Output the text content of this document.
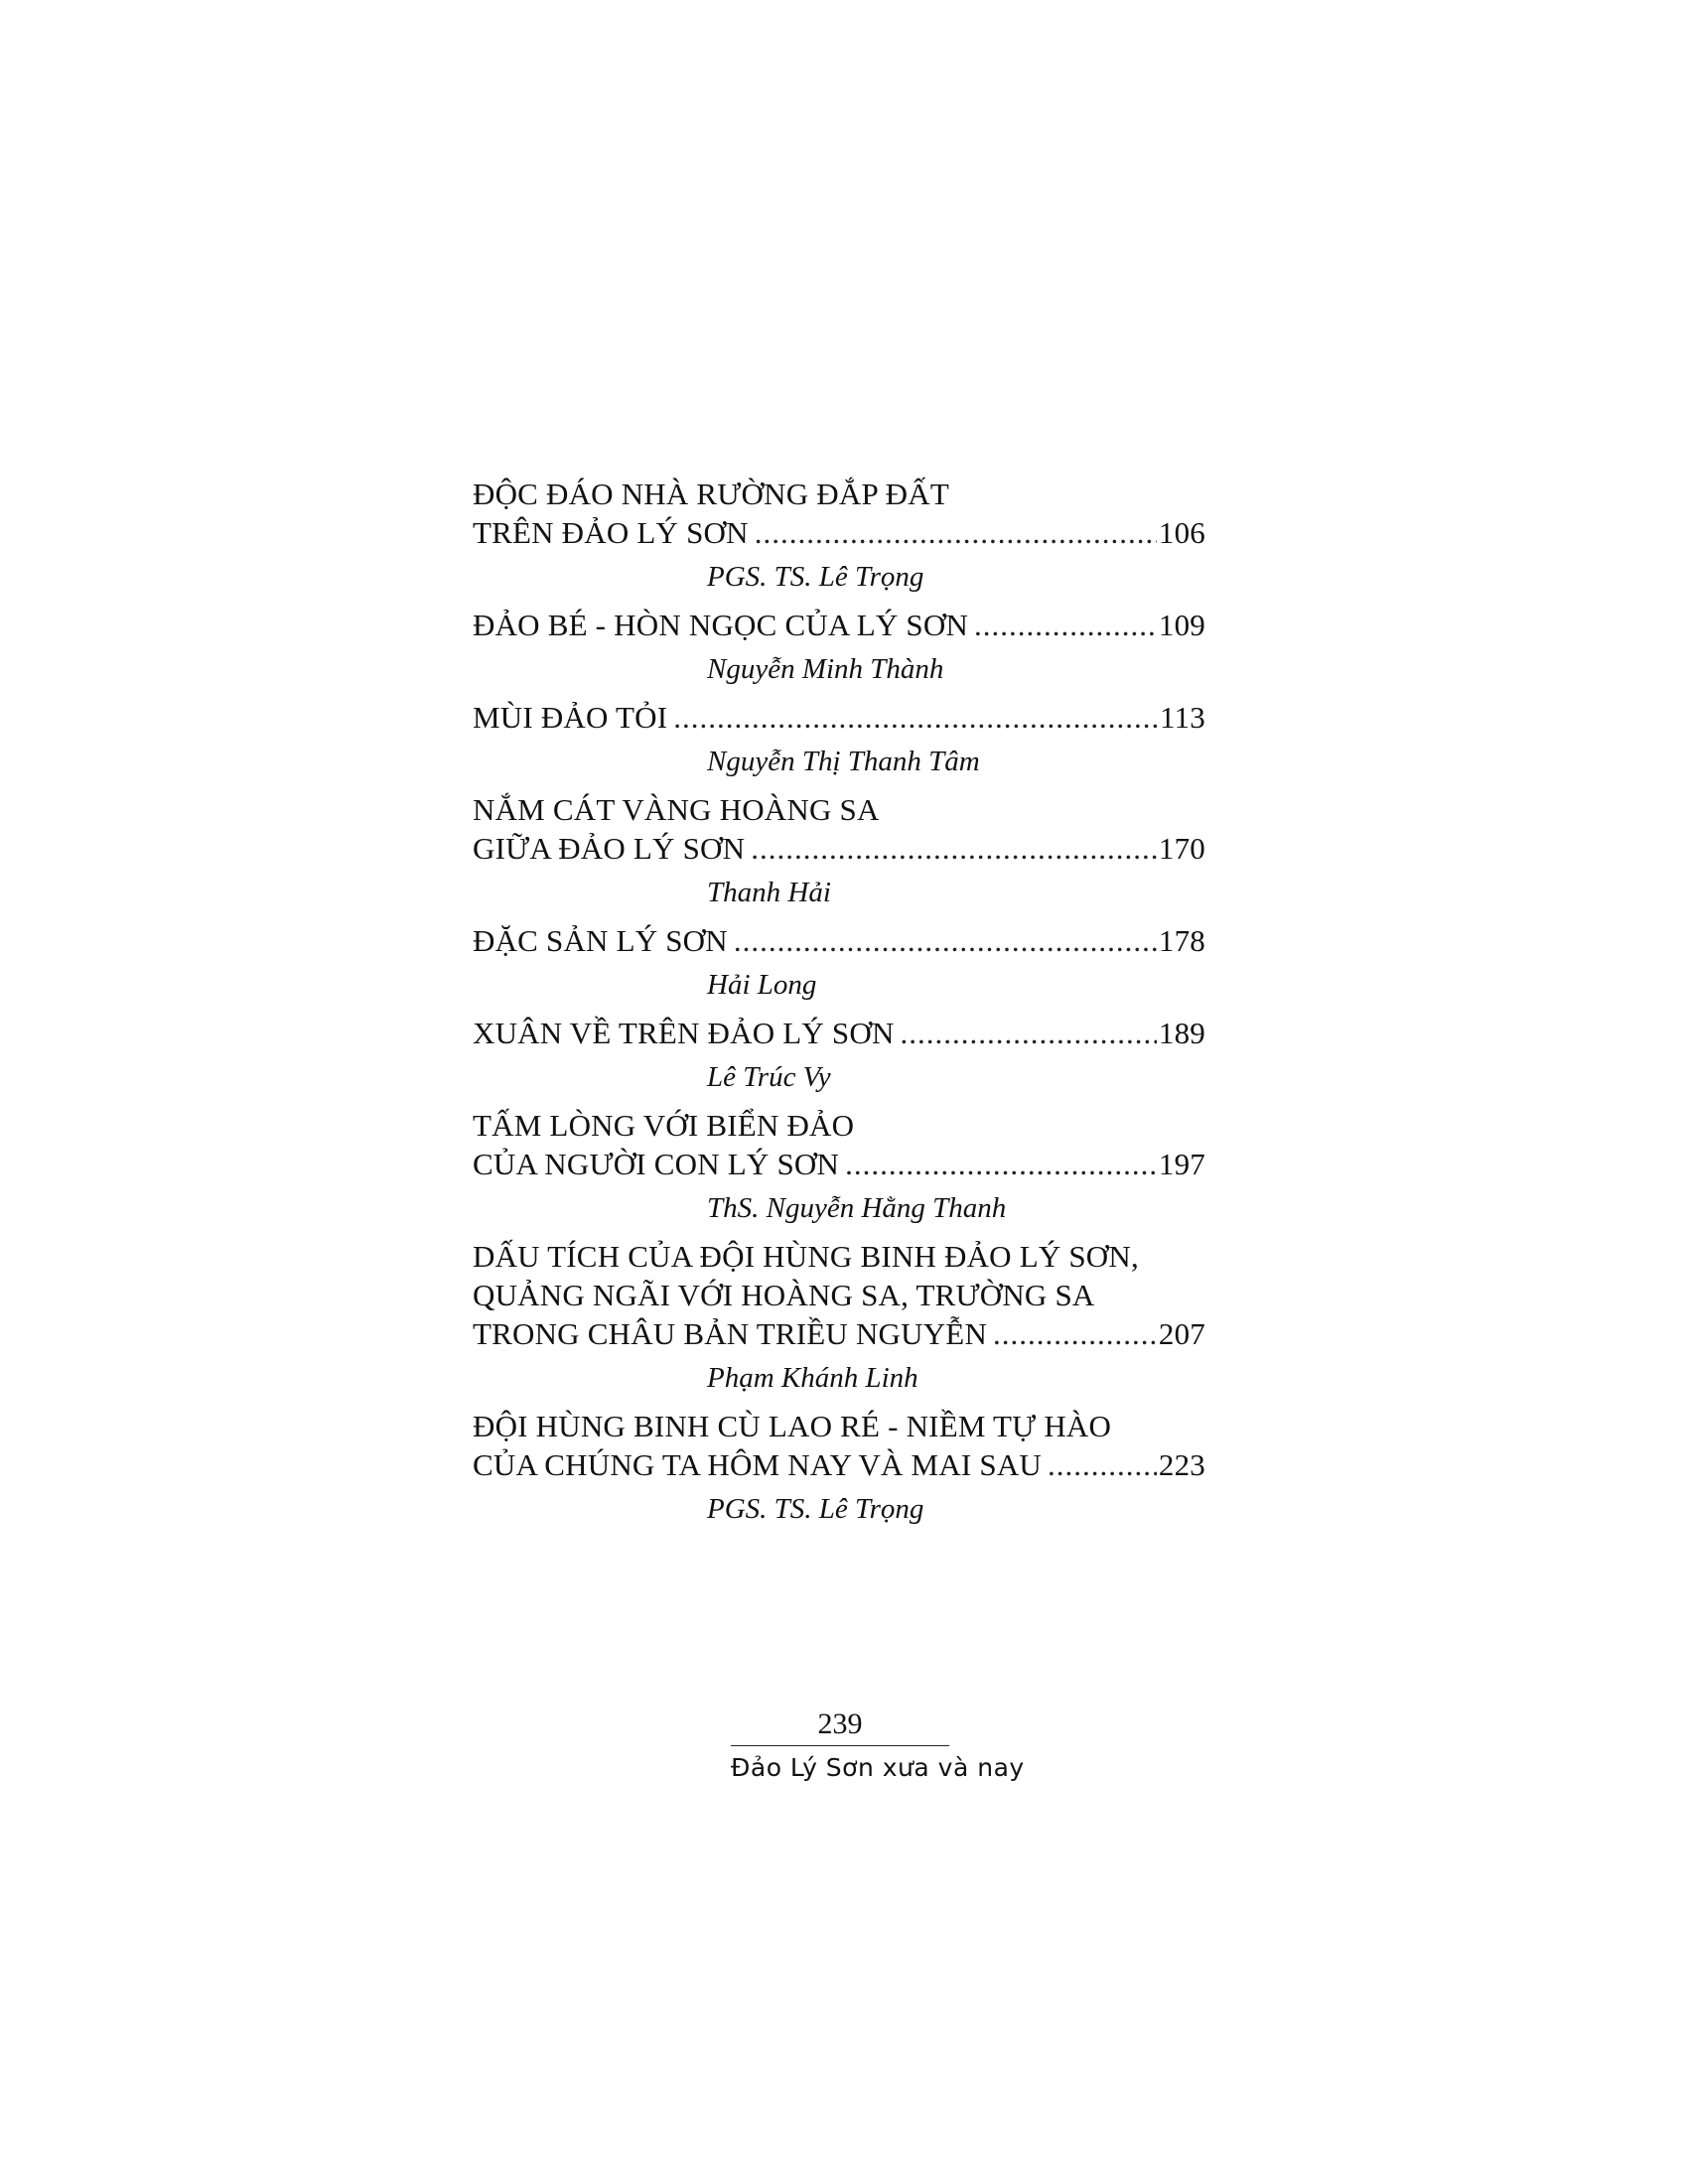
ĐỘC ĐÁO NHÀ RƯỜNG ĐẮP ĐẤT
TRÊN ĐẢO LÝ SƠN .....	106
PGS. TS. Lê Trọng
ĐẢO BÉ - HÒN NGỌC CỦA LÝ SƠN .....	109
Nguyễn Minh Thành
MÙI ĐẢO TỎI .....	113
Nguyễn Thị Thanh Tâm
NẮM CÁT VÀNG HOÀNG SA
GIỮA ĐẢO LÝ SƠN .....	170
Thanh Hải
ĐẶC SẢN LÝ SƠN .....	178
Hải Long
XUÂN VỀ TRÊN ĐẢO LÝ SƠN .....	189
Lê Trúc Vy
TẤM LÒNG VỚI BIỂN ĐẢO
CỦA NGƯỜI CON LÝ SƠN .....	197
ThS. Nguyễn Hằng Thanh
DẤU TÍCH CỦA ĐỘI HÙNG BINH ĐẢO LÝ SƠN,
QUẢNG NGÃI VỚI HOÀNG SA, TRƯỜNG SA
TRONG CHÂU BẢN TRIỀU NGUYỄN .....	207
Phạm Khánh Linh
ĐỘI HÙNG BINH CÙ LAO RÉ - NIỀM TỰ HÀO
CỦA CHÚNG TA HÔM NAY VÀ MAI SAU .....	223
PGS. TS. Lê Trọng
239
Đảo Lý Sơn xưa và nay
